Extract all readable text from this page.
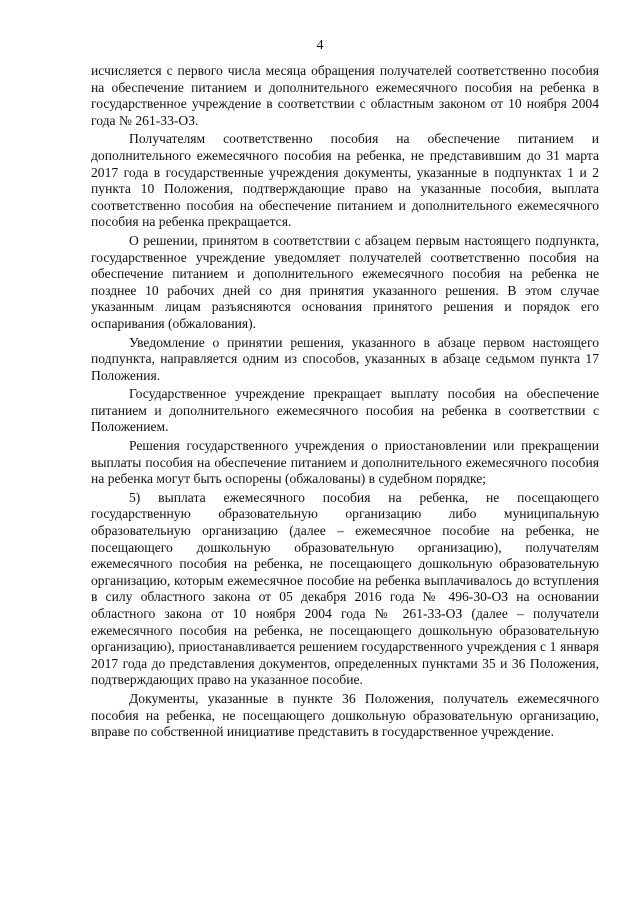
4

исчисляется с первого числа месяца обращения получателей соответственно пособия на обеспечение питанием и дополнительного ежемесячного пособия на ребенка в государственное учреждение в соответствии с областным законом от 10 ноября 2004 года № 261-33-ОЗ.

Получателям соответственно пособия на обеспечение питанием и дополнительного ежемесячного пособия на ребенка, не представившим до 31 марта 2017 года в государственные учреждения документы, указанные в подпунктах 1 и 2 пункта 10 Положения, подтверждающие право на указанные пособия, выплата соответственно пособия на обеспечение питанием и дополнительного ежемесячного пособия на ребенка прекращается.

О решении, принятом в соответствии с абзацем первым настоящего подпункта, государственное учреждение уведомляет получателей соответственно пособия на обеспечение питанием и дополнительного ежемесячного пособия на ребенка не позднее 10 рабочих дней со дня принятия указанного решения. В этом случае указанным лицам разъясняются основания принятого решения и порядок его оспаривания (обжалования).

Уведомление о принятии решения, указанного в абзаце первом настоящего подпункта, направляется одним из способов, указанных в абзаце седьмом пункта 17 Положения.

Государственное учреждение прекращает выплату пособия на обеспечение питанием и дополнительного ежемесячного пособия на ребенка в соответствии с Положением.

Решения государственного учреждения о приостановлении или прекращении выплаты пособия на обеспечение питанием и дополнительного ежемесячного пособия на ребенка могут быть оспорены (обжалованы) в судебном порядке;

5) выплата ежемесячного пособия на ребенка, не посещающего государственную образовательную организацию либо муниципальную образовательную организацию (далее – ежемесячное пособие на ребенка, не посещающего дошкольную образовательную организацию), получателям ежемесячного пособия на ребенка, не посещающего дошкольную образовательную организацию, которым ежемесячное пособие на ребенка выплачивалось до вступления в силу областного закона от 05 декабря 2016 года № 496-30-ОЗ на основании областного закона от 10 ноября 2004 года № 261-33-ОЗ (далее – получатели ежемесячного пособия на ребенка, не посещающего дошкольную образовательную организацию), приостанавливается решением государственного учреждения с 1 января 2017 года до представления документов, определенных пунктами 35 и 36 Положения, подтверждающих право на указанное пособие.

Документы, указанные в пункте 36 Положения, получатель ежемесячного пособия на ребенка, не посещающего дошкольную образовательную организацию, вправе по собственной инициативе представить в государственное учреждение.
